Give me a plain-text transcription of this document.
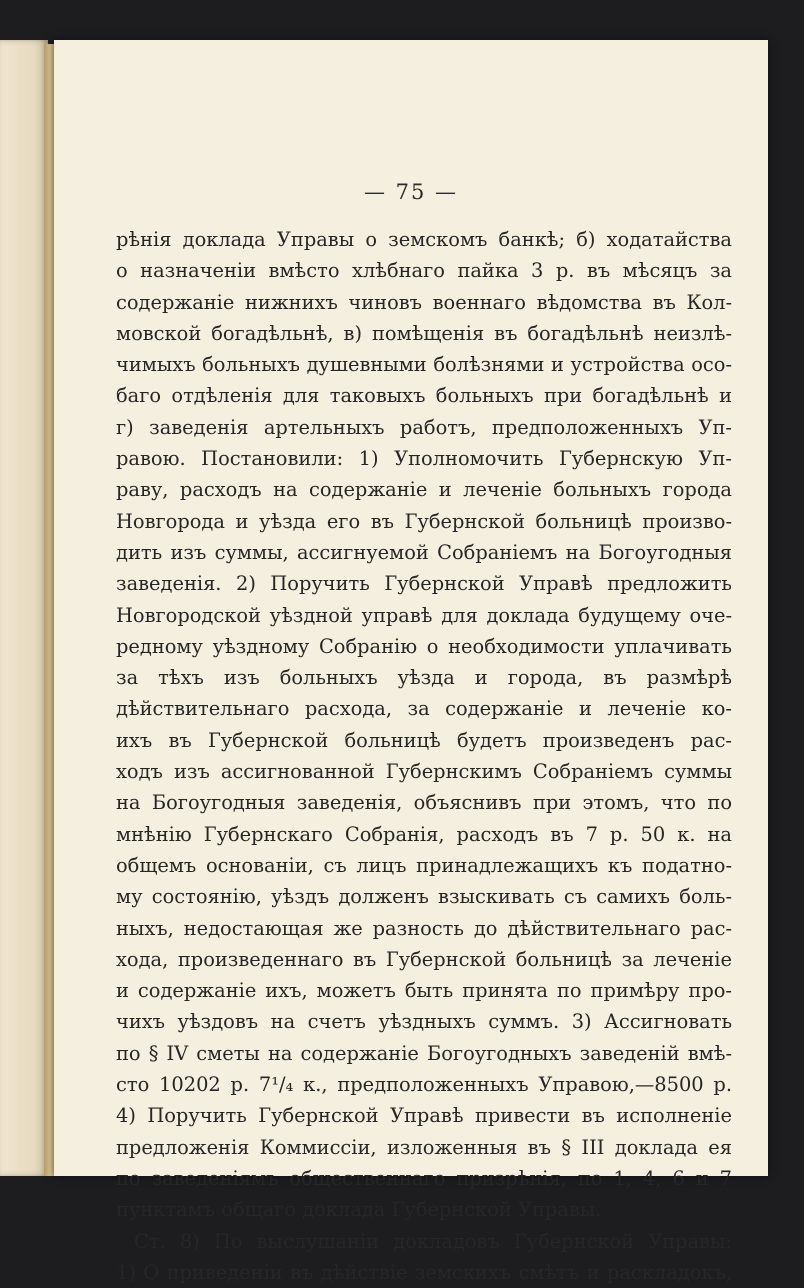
— 75 —
рѣнія доклада Управы о земскомъ банкѣ; б) ходатайства
о назначеніи вмѣсто хлѣбнаго пайка 3 р. въ мѣсяцъ за
содержаніе нижнихъ чиновъ военнаго вѣдомства въ Кол-
мовской богадѣльнѣ, в) помѣщенія въ богадѣльнѣ неизлѣ-
чимыхъ больныхъ душевными болѣзнями и устройства осо-
баго отдѣленія для таковыхъ больныхъ при богадѣльнѣ и
г) заведенія артельныхъ работъ, предположенныхъ Уп-
равою. Постановили: 1) Уполномочить Губернскую Уп-
раву, расходъ на содержаніе и леченіе больныхъ города
Новгорода и уѣзда его въ Губернской больницѣ произво-
дить изъ суммы, ассигнуемой Собраніемъ на Богоугодныя
заведенія. 2) Поручить Губернской Управѣ предложить
Новгородской уѣздной управѣ для доклада будущему оче-
редному уѣздному Собранію о необходимости уплачивать
за тѣхъ изъ больныхъ уѣзда и города, въ размѣрѣ
дѣйствительнаго расхода, за содержаніе и леченіе ко-
ихъ въ Губернской больницѣ будетъ произведенъ рас-
ходъ изъ ассигнованной Губернскимъ Собраніемъ суммы
на Богоугодныя заведенія, объяснивъ при этомъ, что по
мнѣнію Губернскаго Собранія, расходъ въ 7 р. 50 к. на
общемъ основаніи, съ лицъ принадлежащихъ къ податно-
му состоянію, уѣздъ долженъ взыскивать съ самихъ боль-
ныхъ, недостающая же разность до дѣйствительнаго рас-
хода, произведеннаго въ Губернской больницѣ за леченіе
и содержаніе ихъ, можетъ быть принята по примѣру про-
чихъ уѣздовъ на счетъ уѣздныхъ суммъ. 3) Ассигновать
по § IV сметы на содержаніе Богоугодныхъ заведеній вмѣ-
сто 10202 р. 7¹/₄ к., предположенныхъ Управою,—8500 р.
4) Поручить Губернской Управѣ привести въ исполненіе
предложенія Коммиссіи, изложенныя въ § III доклада ея
по заведеніямъ общественнаго призрѣнія, по 1, 4, 6 и 7
пунктамъ общаго доклада Губернской Управы.
Ст. 8) По выслушаніи докладовъ Губернской Управы:
1) О приведеніи въ дѣйствіе земскихъ смѣтъ и раскладокъ,
